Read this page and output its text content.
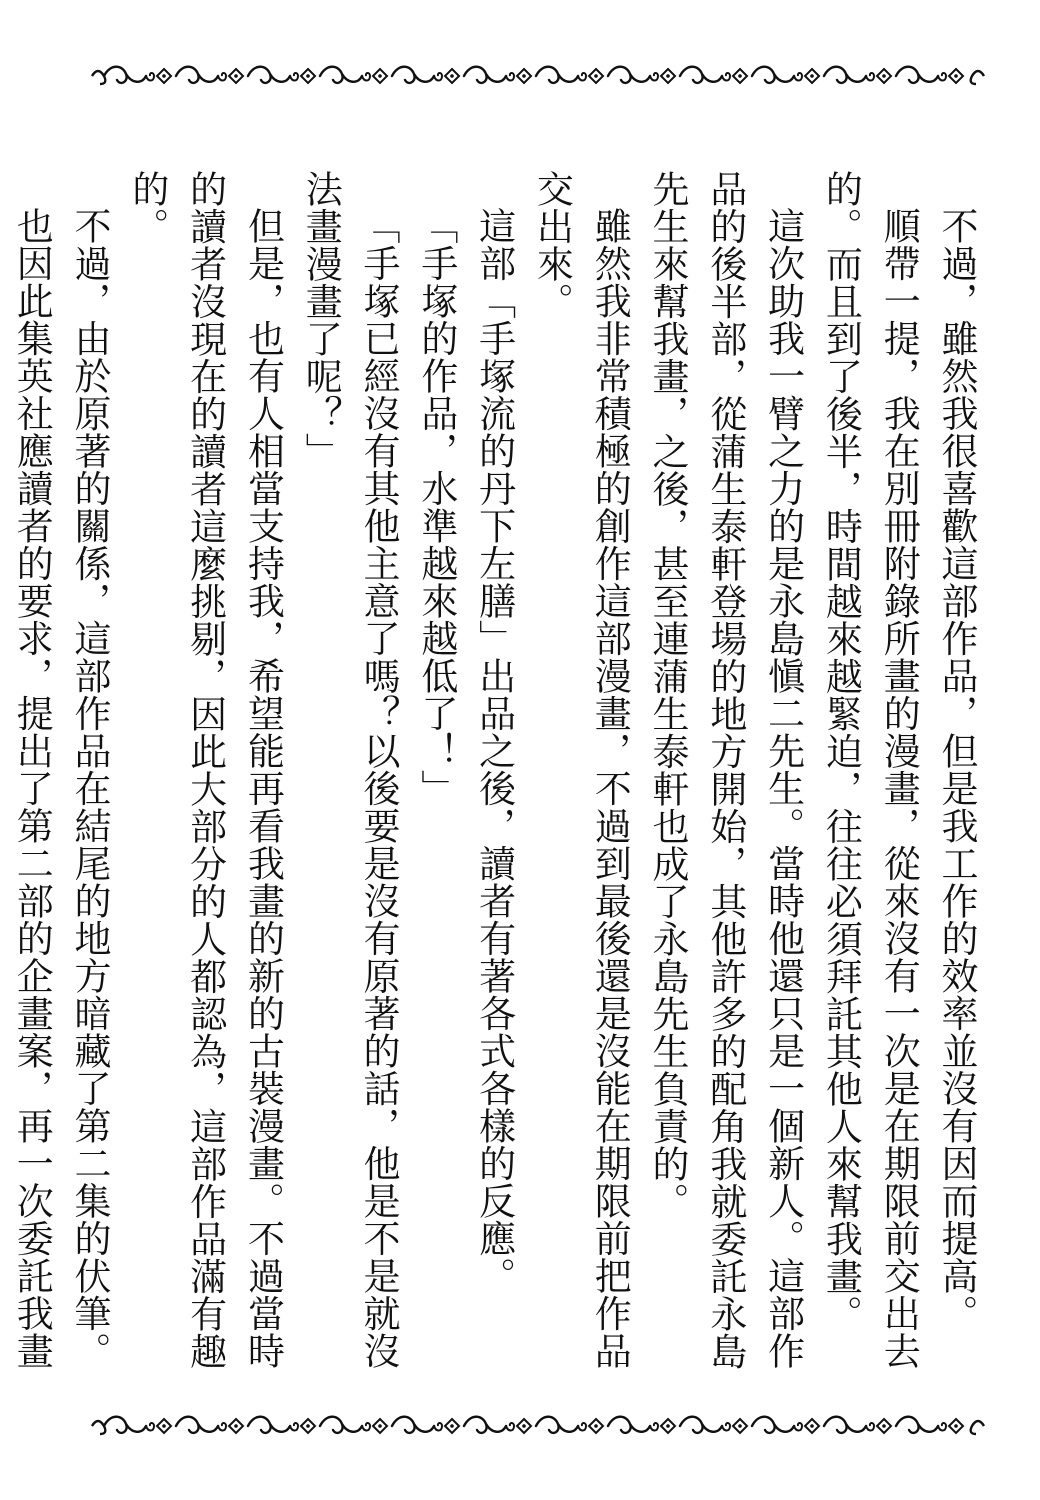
不過，雖然我很喜歡這部作品，但是我工作的效率並沒有因而提高。

順帶一提，我在別冊附錄所畫的漫畫，從來沒有一次是在期限前交出去的。而且到了後半，時間越來越緊迫，往往必須拜託其他人來幫我畫。

這次助我一臂之力的是永島愼二先生。當時他還只是一個新人。這部作品的後半部，從蒲生泰軒登場的地方開始，其他許多的配角我就委託永島先生來幫我畫，之後，甚至連蒲生泰軒也成了永島先生負責的。

雖然我非常積極的創作這部漫畫，不過到最後還是沒能在期限前把作品交出來。

這部「手塚流的丹下左膳」出品之後，讀者有著各式各樣的反應。

「手塚的作品，水準越來越低了！」

「手塚已經沒有其他主意了嗎？以後要是沒有原著的話，他是不是就沒法畫漫畫了呢？」

但是，也有人相當支持我，希望能再看我畫的新的古裝漫畫。不過當時的讀者沒現在的讀者這麼挑剔，因此大部分的人都認為，這部作品滿有趣的。

不過，由於原著的關係，這部作品在結尾的地方暗藏了第二集的伏筆。

也因此集英社應讀者的要求，提出了第二部的企畫案，再一次委託我畫
